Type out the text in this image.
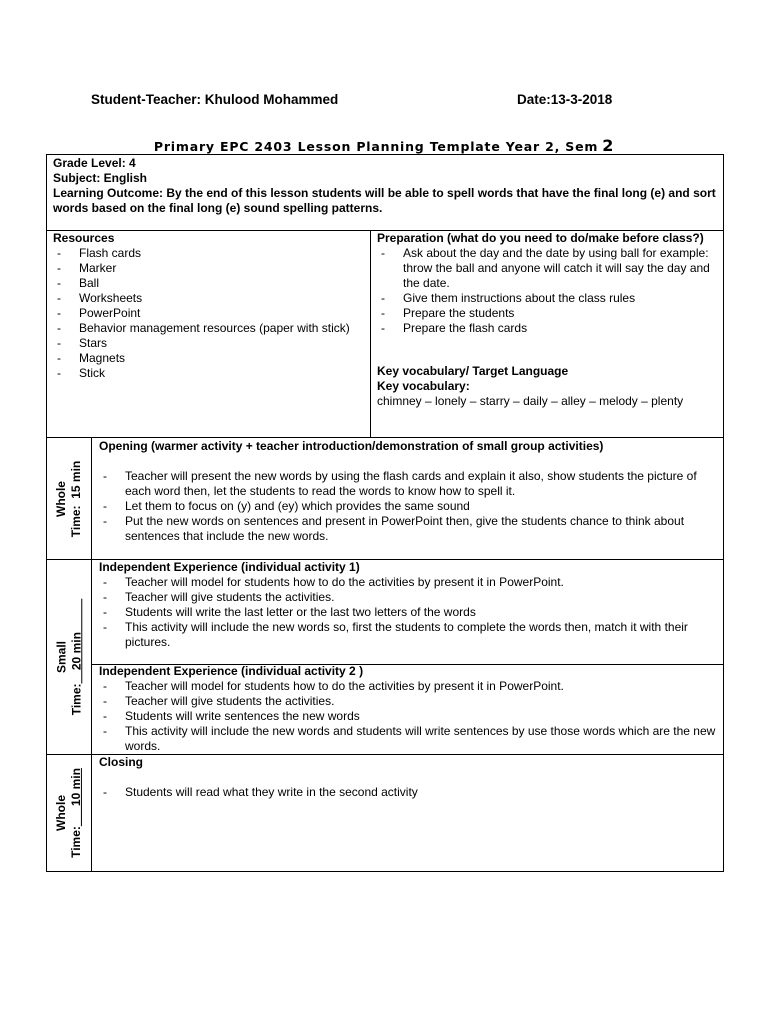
Student-Teacher: Khulood Mohammed	Date:13-3-2018
Primary EPC 2403 Lesson Planning Template Year 2, Sem 2
Grade Level: 4
Subject: English
Learning Outcome: By the end of this lesson students will be able to spell words that have the final long (e) and sort words based on the final long (e) sound spelling patterns.
Resources
- Flash cards
- Marker
- Ball
- Worksheets
- PowerPoint
- Behavior management resources (paper with stick)
- Stars
- Magnets
- Stick
Preparation (what do you need to do/make before class?)
- Ask about the day and the date by using ball for example: throw the ball and anyone will catch it will say the day and the date.
- Give them instructions about the class rules
- Prepare the students
- Prepare the flash cards
Key vocabulary/ Target Language
Key vocabulary:
chimney – lonely – starry – daily – alley – melody – plenty
Whole
Time:  15 min
Opening (warmer activity + teacher introduction/demonstration of small group activities)
- Teacher will present the new words by using the flash cards and explain it also, show students the picture of each word then, let the students to read the words to know how to spell it.
- Let them to focus on (y) and (ey) which provides the same sound
- Put the new words on sentences and present in PowerPoint then, give the students chance to think about sentences that include the new words.
Small
Time:__20 min_____
Independent Experience (individual activity 1)
- Teacher will model for students how to do the activities by present it in PowerPoint.
- Teacher will give students the activities.
- Students will write the last letter or the last two letters of the words
- This activity will include the new words so, first the students to complete the words then, match it with their pictures.
Independent Experience (individual activity 2 )
- Teacher will model for students how to do the activities by present it in PowerPoint.
- Teacher will give students the activities.
- Students will write sentences the new words
- This activity will include the new words and students will write sentences by use those words which are the new words.
Whole
Time:___10 min
Closing
- Students will read what they write in the second activity
